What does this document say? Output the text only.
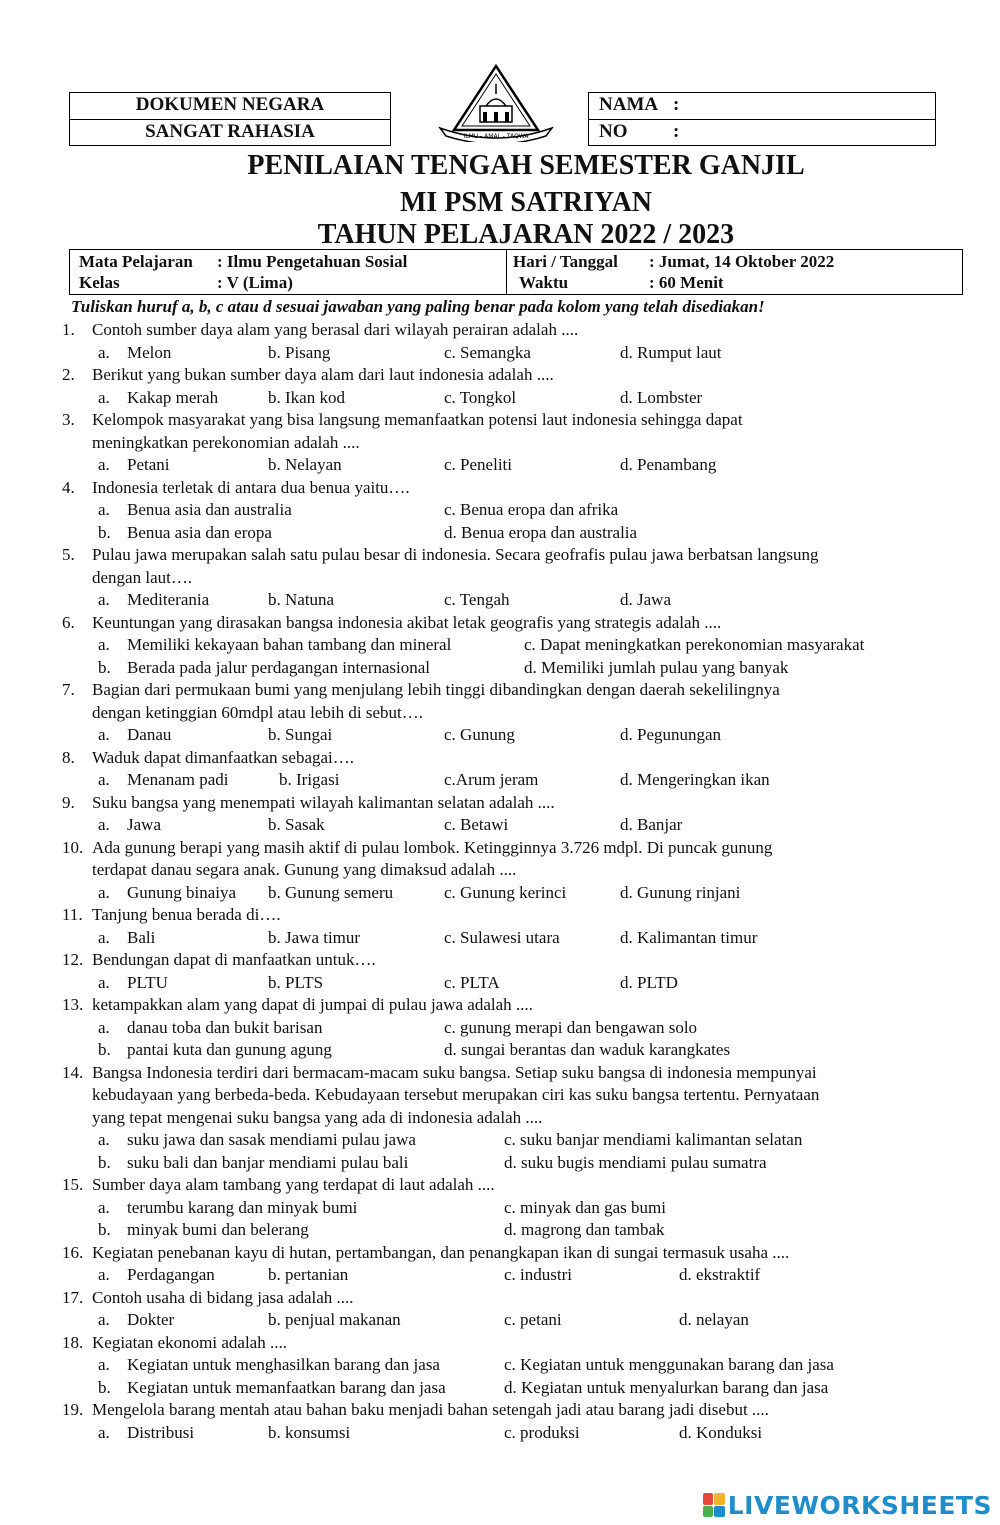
DOKUMEN NEGARA
SANGAT RAHASIA	ILMU - AMAL - TAQWA
NAMA :
NO :
PENILAIAN TENGAH SEMESTER GANJIL
MI PSM SATRIYAN
TAHUN PELAJARAN 2022 / 2023
Mata Pelajaran : Ilmu Pengetahuan Sosial
Kelas	: V (Lima)
Hari / Tanggal : Jumat, 14 Oktober 2022
Waktu	: 60 Menit
Tuliskan huruf a, b, c atau d sesuai jawaban yang paling benar pada kolom yang telah disediakan!
1.	Contoh sumber daya alam yang berasal dari wilayah perairan adalah ....
a. Melon	b. Pisang	c. Semangka	d. Rumput laut
2.	Berikut yang bukan sumber daya alam dari laut indonesia adalah ....
a. Kakap merah	b. Ikan kod	c. Tongkol	d. Lombster
3.	Kelompok masyarakat yang bisa langsung memanfaatkan potensi laut indonesia sehingga dapat
meningkatkan perekonomian adalah ....
a. Petani	b. Nelayan	c. Peneliti	d. Penambang
4.	Indonesia terletak di antara dua benua yaitu….
a. Benua asia dan australia	c. Benua eropa dan afrika
b. Benua asia dan eropa	d. Benua eropa dan australia
5.	Pulau jawa merupakan salah satu pulau besar di indonesia. Secara geofrafis pulau jawa berbatsan langsung
dengan laut….
a. Mediterania	b. Natuna	c. Tengah	d. Jawa
6.	Keuntungan yang dirasakan bangsa indonesia akibat letak geografis yang strategis adalah ....
a. Memiliki kekayaan bahan tambang dan mineral	c. Dapat meningkatkan perekonomian masyarakat
b. Berada pada jalur perdagangan internasional	d. Memiliki jumlah pulau yang banyak
7.	Bagian dari permukaan bumi yang menjulang lebih tinggi dibandingkan dengan daerah sekelilingnya
dengan ketinggian 60mdpl atau lebih di sebut….
a. Danau	b. Sungai	c. Gunung	d. Pegunungan
8.	Waduk dapat dimanfaatkan sebagai….
a. Menanam padi	b. Irigasi	c.Arum jeram	d. Mengeringkan ikan
9.	Suku bangsa yang menempati wilayah kalimantan selatan adalah ....
a. Jawa	b. Sasak	c. Betawi	d. Banjar
10. Ada gunung berapi yang masih aktif di pulau lombok. Ketingginnya 3.726 mdpl. Di puncak gunung
terdapat danau segara anak. Gunung yang dimaksud adalah ....
a. Gunung binaiya b. Gunung semeru	c. Gunung kerinci	d. Gunung rinjani
11. Tanjung benua berada di….
a. Bali	b. Jawa timur	c. Sulawesi utara	d. Kalimantan timur
12. Bendungan dapat di manfaatkan untuk….
a. PLTU	b. PLTS	c. PLTA	d. PLTD
13. ketampakkan alam yang dapat di jumpai di pulau jawa adalah ....
a. danau toba dan bukit barisan	c. gunung merapi dan bengawan solo
b. pantai kuta dan gunung agung	d. sungai berantas dan waduk karangkates
14. Bangsa Indonesia terdiri dari bermacam-macam suku bangsa. Setiap suku bangsa di indonesia mempunyai
kebudayaan yang berbeda-beda. Kebudayaan tersebut merupakan ciri kas suku bangsa tertentu. Pernyataan
yang tepat mengenai suku bangsa yang ada di indonesia adalah ....
a. suku jawa dan sasak mendiami pulau jawa	c. suku banjar mendiami kalimantan selatan
b. suku bali dan banjar mendiami pulau bali	d. suku bugis mendiami pulau sumatra
15. Sumber daya alam tambang yang terdapat di laut adalah ....
a. terumbu karang dan minyak bumi	c. minyak dan gas bumi
b. minyak bumi dan belerang	d. magrong dan tambak
16. Kegiatan penebanan kayu di hutan, pertambangan, dan penangkapan ikan di sungai termasuk usaha ....
a. Perdagangan	b. pertanian	c. industri	d. ekstraktif
17. Contoh usaha di bidang jasa adalah ....
a. Dokter	b. penjual makanan	c. petani	d. nelayan
18. Kegiatan ekonomi adalah ....
a. Kegiatan untuk menghasilkan barang dan jasa	c. Kegiatan untuk menggunakan barang dan jasa
b. Kegiatan untuk memanfaatkan barang dan jasa	d. Kegiatan untuk menyalurkan barang dan jasa
19. Mengelola barang mentah atau bahan baku menjadi bahan setengah jadi atau barang jadi disebut ....
a. Distribusi	b. konsumsi	c. produksi	d. Konduksi
LIVEWORKSHEETS
